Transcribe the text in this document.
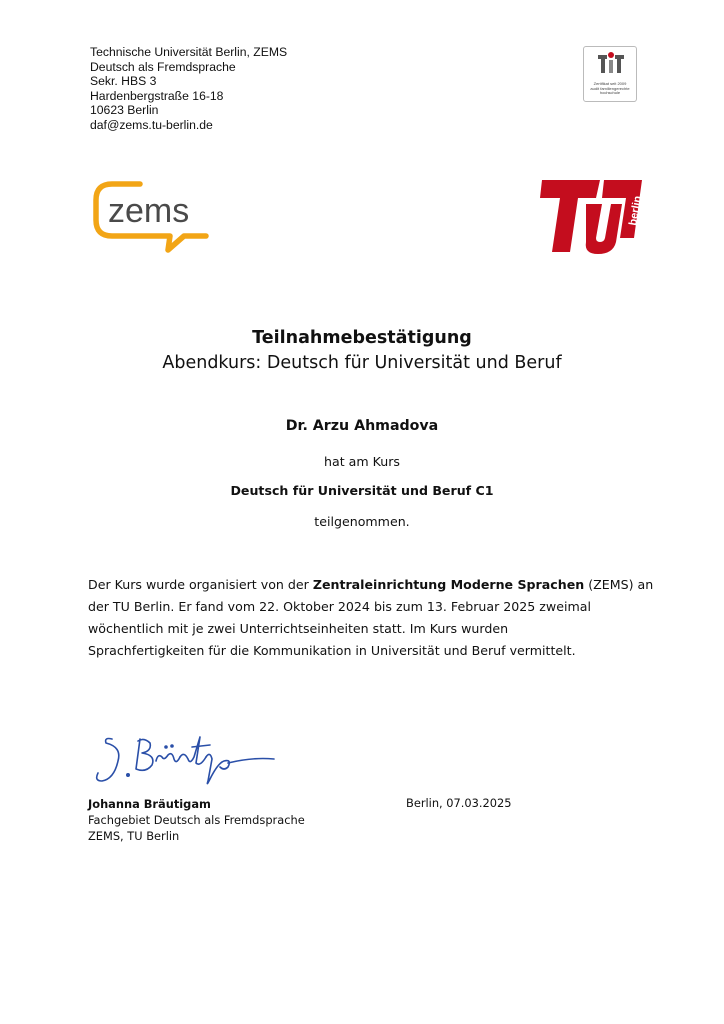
Technische Universität Berlin, ZEMS
Deutsch als Fremdsprache
Sekr. HBS 3
Hardenbergstraße 16-18
10623 Berlin
daf@zems.tu-berlin.de
Zertifikat seit 2009
audit familiengerechte
hochschule
zems	berlin
Teilnahmebestätigung
Abendkurs: Deutsch für Universität und Beruf
Dr. Arzu Ahmadova
hat am Kurs
Deutsch für Universität und Beruf C1
teilgenommen.
Der Kurs wurde organisiert von der Zentraleinrichtung Moderne Sprachen (ZEMS) an
der TU Berlin. Er fand vom 22. Oktober 2024 bis zum 13. Februar 2025 zweimal
wöchentlich mit je zwei Unterrichtseinheiten statt. Im Kurs wurden
Sprachfertigkeiten für die Kommunikation in Universität und Beruf vermittelt.
Johanna Bräutigam
Fachgebiet Deutsch als Fremdsprache
ZEMS, TU Berlin
Berlin, 07.03.2025
